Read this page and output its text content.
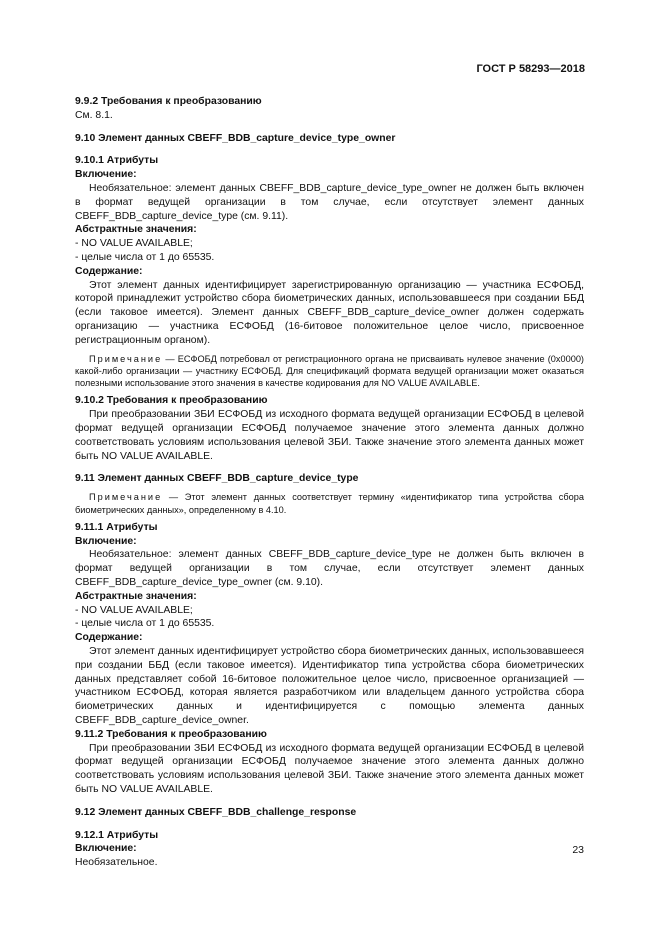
ГОСТ Р 58293—2018

9.9.2 Требования к преобразованию

См. 8.1.

9.10 Элемент данных CBEFF_BDB_capture_device_type_owner

9.10.1 Атрибуты

Включение:

Необязательное: элемент данных CBEFF_BDB_capture_device_type_owner не должен быть включен в формат ведущей организации в том случае, если отсутствует элемент данных CBEFF_BDB_capture_device_type (см. 9.11).

Абстрактные значения:

- NO VALUE AVAILABLE;

- целые числа от 1 до 65535.

Содержание:

Этот элемент данных идентифицирует зарегистрированную организацию — участника ЕСФОБД, которой принадлежит устройство сбора биометрических данных, использовавшееся при создании ББД (если таковое имеется). Элемент данных CBEFF_BDB_capture_device_owner должен содержать организацию — участника ЕСФОБД (16-битовое положительное целое число, присвоенное регистрационным органом).

Примечание — ЕСФОБД потребовал от регистрационного органа не присваивать нулевое значение (0x0000) какой-либо организации — участнику ЕСФОБД. Для спецификаций формата ведущей организации может оказаться полезными использование этого значения в качестве кодирования для NO VALUE AVAILABLE.

9.10.2 Требования к преобразованию

При преобразовании ЗБИ ЕСФОБД из исходного формата ведущей организации ЕСФОБД в целевой формат ведущей организации ЕСФОБД получаемое значение этого элемента данных должно соответствовать условиям использования целевой ЗБИ. Также значение этого элемента данных может быть NO VALUE AVAILABLE.

9.11 Элемент данных CBEFF_BDB_capture_device_type

Примечание — Этот элемент данных соответствует термину «идентификатор типа устройства сбора биометрических данных», определенному в 4.10.

9.11.1 Атрибуты

Включение:

Необязательное: элемент данных CBEFF_BDB_capture_device_type не должен быть включен в формат ведущей организации в том случае, если отсутствует элемент данных CBEFF_BDB_capture_device_type_owner (см. 9.10).

Абстрактные значения:

- NO VALUE AVAILABLE;

- целые числа от 1 до 65535.

Содержание:

Этот элемент данных идентифицирует устройство сбора биометрических данных, использовавшееся при создании ББД (если таковое имеется). Идентификатор типа устройства сбора биометрических данных представляет собой 16-битовое положительное целое число, присвоенное организацией — участником ЕСФОБД, которая является разработчиком или владельцем данного устройства сбора биометрических данных и идентифицируется с помощью элемента данных CBEFF_BDB_capture_device_owner.

9.11.2 Требования к преобразованию

При преобразовании ЗБИ ЕСФОБД из исходного формата ведущей организации ЕСФОБД в целевой формат ведущей организации ЕСФОБД получаемое значение этого элемента данных должно соответствовать условиям использования целевой ЗБИ. Также значение этого элемента данных может быть NO VALUE AVAILABLE.

9.12 Элемент данных CBEFF_BDB_challenge_response

9.12.1 Атрибуты

Включение:

Необязательное.

23
